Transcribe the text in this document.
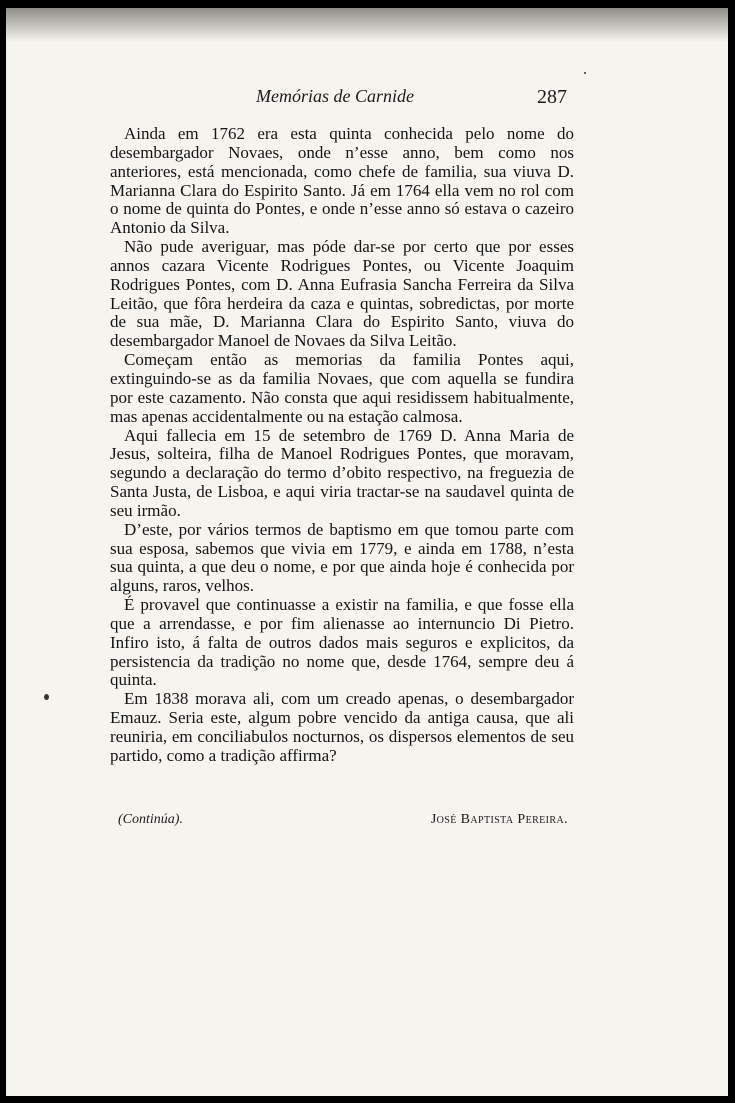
Memórias de Carnide	287

Ainda em 1762 era esta quinta conhecida pelo nome do desembargador Novaes, onde n’esse anno, bem como nos anteriores, está mencionada, como chefe de familia, sua viuva D. Marianna Clara do Espirito Santo. Já em 1764 ella vem no rol com o nome de quinta do Pontes, e onde n’esse anno só estava o cazeiro Antonio da Silva.

Não pude averiguar, mas póde dar-se por certo que por esses annos cazara Vicente Rodrigues Pontes, ou Vicente Joaquim Rodrigues Pontes, com D. Anna Eufrasia Sancha Ferreira da Silva Leitão, que fôra herdeira da caza e quintas, sobredictas, por morte de sua mãe, D. Marianna Clara do Espirito Santo, viuva do desembargador Manoel de Novaes da Silva Leitão.

Começam então as memorias da familia Pontes aqui, extinguindo-se as da familia Novaes, que com aquella se fundira por este cazamento. Não consta que aqui residissem habitualmente, mas apenas accidentalmente ou na estação calmosa.

Aqui fallecia em 15 de setembro de 1769 D. Anna Maria de Jesus, solteira, filha de Manoel Rodrigues Pontes, que moravam, segundo a declaração do termo d’obito respectivo, na freguezia de Santa Justa, de Lisboa, e aqui viria tractar-se na saudavel quinta de seu irmão.

D’este, por vários termos de baptismo em que tomou parte com sua esposa, sabemos que vivia em 1779, e ainda em 1788, n’esta sua quinta, a que deu o nome, e por que ainda hoje é conhecida por alguns, raros, velhos.

É provavel que continuasse a existir na familia, e que fosse ella que a arrendasse, e por fim alienasse ao internuncio Di Pietro. Infiro isto, á falta de outros dados mais seguros e explicitos, da persistencia da tradição no nome que, desde 1764, sempre deu á quinta.

Em 1838 morava ali, com um creado apenas, o desembargador Emauz. Seria este, algum pobre vencido da antiga causa, que ali reuniria, em conciliabulos nocturnos, os dispersos elementos de seu partido, como a tradição affirma?

(Continúa).	José Baptista Pereira.
